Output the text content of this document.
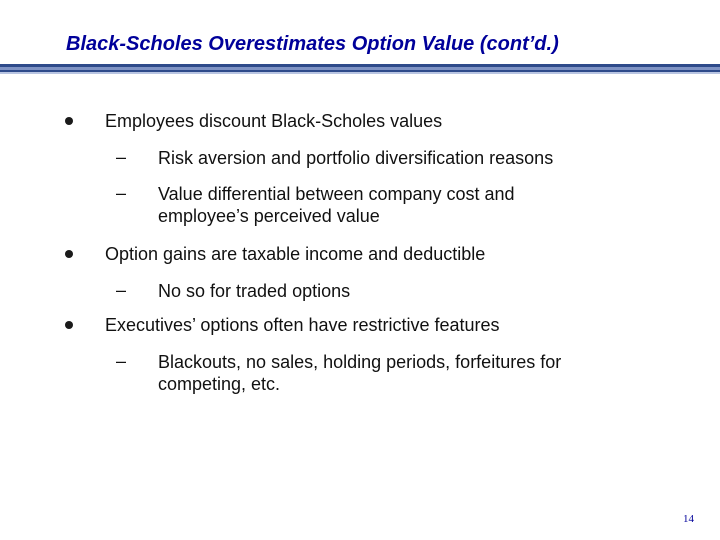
Black-Scholes Overestimates Option Value (cont’d.)
Employees discount Black-Scholes values
– Risk aversion and portfolio diversification reasons
– Value differential between company cost and employee’s perceived value
Option gains are taxable income and deductible
– No so for traded options
Executives’ options often have restrictive features
– Blackouts, no sales, holding periods, forfeitures for competing, etc.
14
